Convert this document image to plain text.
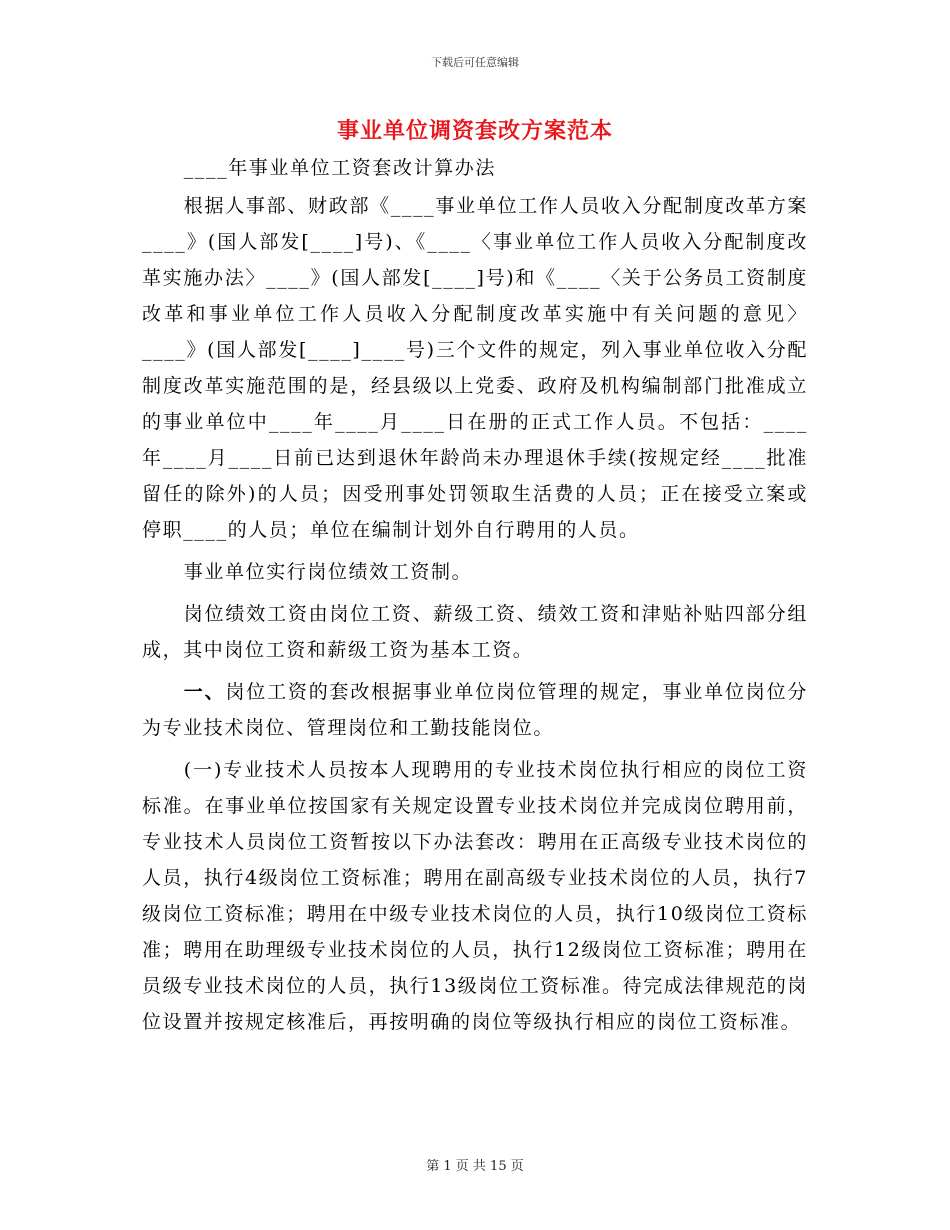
下载后可任意编辑
事业单位调资套改方案范本

____年事业单位工资套改计算办法

根据人事部、财政部《____事业单位工作人员收入分配制度改革方案____》(国人部发[____]号)、《____〈事业单位工作人员收入分配制度改革实施办法〉____》(国人部发[____]号)和《____〈关于公务员工资制度改革和事业单位工作人员收入分配制度改革实施中有关问题的意见〉____》(国人部发[____]____号)三个文件的规定，列入事业单位收入分配制度改革实施范围的是，经县级以上党委、政府及机构编制部门批准成立的事业单位中____年____月____日在册的正式工作人员。不包括：____年____月____日前已达到退休年龄尚未办理退休手续(按规定经____批准留任的除外)的人员；因受刑事处罚领取生活费的人员；正在接受立案或停职____的人员；单位在编制计划外自行聘用的人员。

事业单位实行岗位绩效工资制。

岗位绩效工资由岗位工资、薪级工资、绩效工资和津贴补贴四部分组成，其中岗位工资和薪级工资为基本工资。

一、岗位工资的套改根据事业单位岗位管理的规定，事业单位岗位分为专业技术岗位、管理岗位和工勤技能岗位。

(一)专业技术人员按本人现聘用的专业技术岗位执行相应的岗位工资标准。在事业单位按国家有关规定设置专业技术岗位并完成岗位聘用前，专业技术人员岗位工资暂按以下办法套改：聘用在正高级专业技术岗位的人员，执行4级岗位工资标准；聘用在副高级专业技术岗位的人员，执行7级岗位工资标准；聘用在中级专业技术岗位的人员，执行10级岗位工资标准；聘用在助理级专业技术岗位的人员，执行12级岗位工资标准；聘用在员级专业技术岗位的人员，执行13级岗位工资标准。待完成法律规范的岗位设置并按规定核准后，再按明确的岗位等级执行相应的岗位工资标准。

第 1 页 共 15 页
